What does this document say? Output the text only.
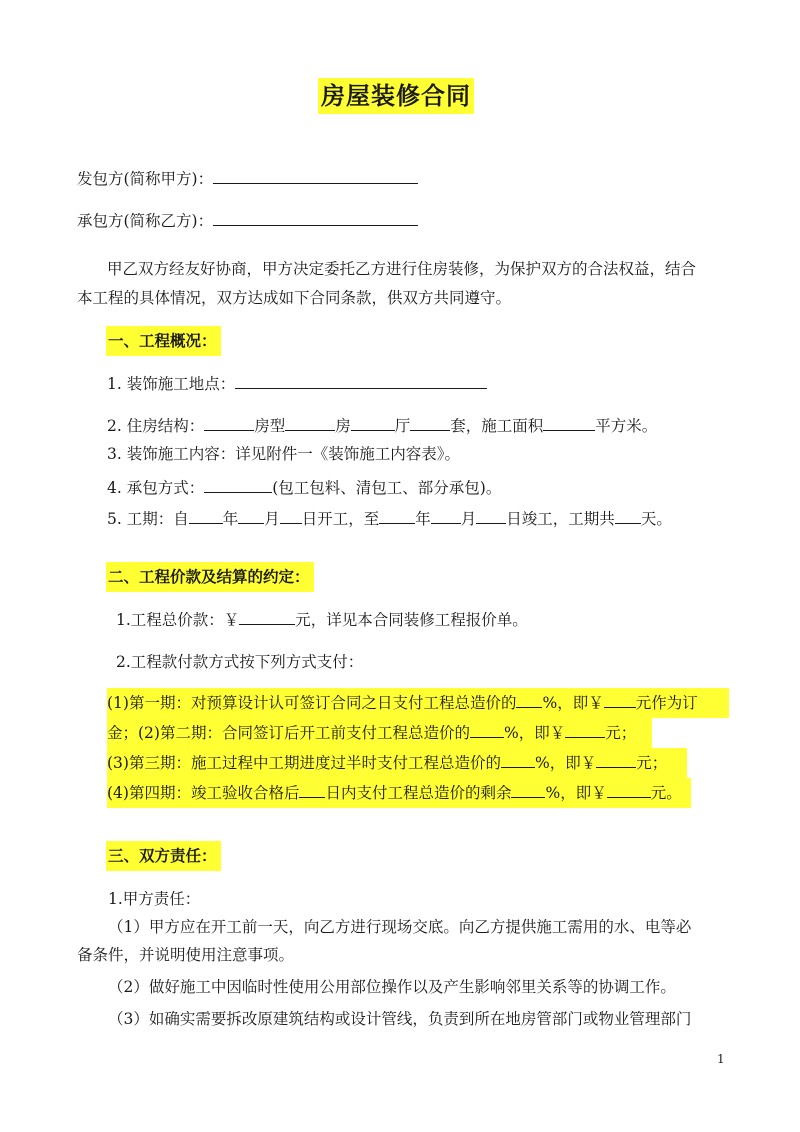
房屋装修合同
发包方(简称甲方)：
承包方(简称乙方)：
甲乙双方经友好协商，甲方决定委托乙方进行住房装修，为保护双方的合法权益，结合
本工程的具体情况，双方达成如下合同条款，供双方共同遵守。
一、工程概况：
1. 装饰施工地点：
2. 住房结构：	房型	房	厅	套，施工面积	平方米。
3. 装饰施工内容：详见附件一《装饰施工内容表》。
4. 承包方式：	(包工包料、清包工、部分承包)。
5. 工期：自 年 月 日开工，至 年 月 日竣工，工期共 天。
二、工程价款及结算的约定：
1.工程总价款：￥	元，详见本合同装修工程报价单。
2.工程款付款方式按下列方式支付：
(1)第一期：对预算设计认可签订合同之日支付工程总造价的 %，即￥ 元作为订
金；(2)第二期：合同签订后开工前支付工程总造价的 %，即￥	元；
(3)第三期：施工过程中工期进度过半时支付工程总造价的 %，即￥	元；
(4)第四期：竣工验收合格后 日内支付工程总造价的剩余 %，即￥	元。
三、双方责任：
1.甲方责任：
（1）甲方应在开工前一天，向乙方进行现场交底。向乙方提供施工需用的水、电等必
备条件，并说明使用注意事项。
（2）做好施工中因临时性使用公用部位操作以及产生影响邻里关系等的协调工作。
（3）如确实需要拆改原建筑结构或设计管线，负责到所在地房管部门或物业管理部门
1
